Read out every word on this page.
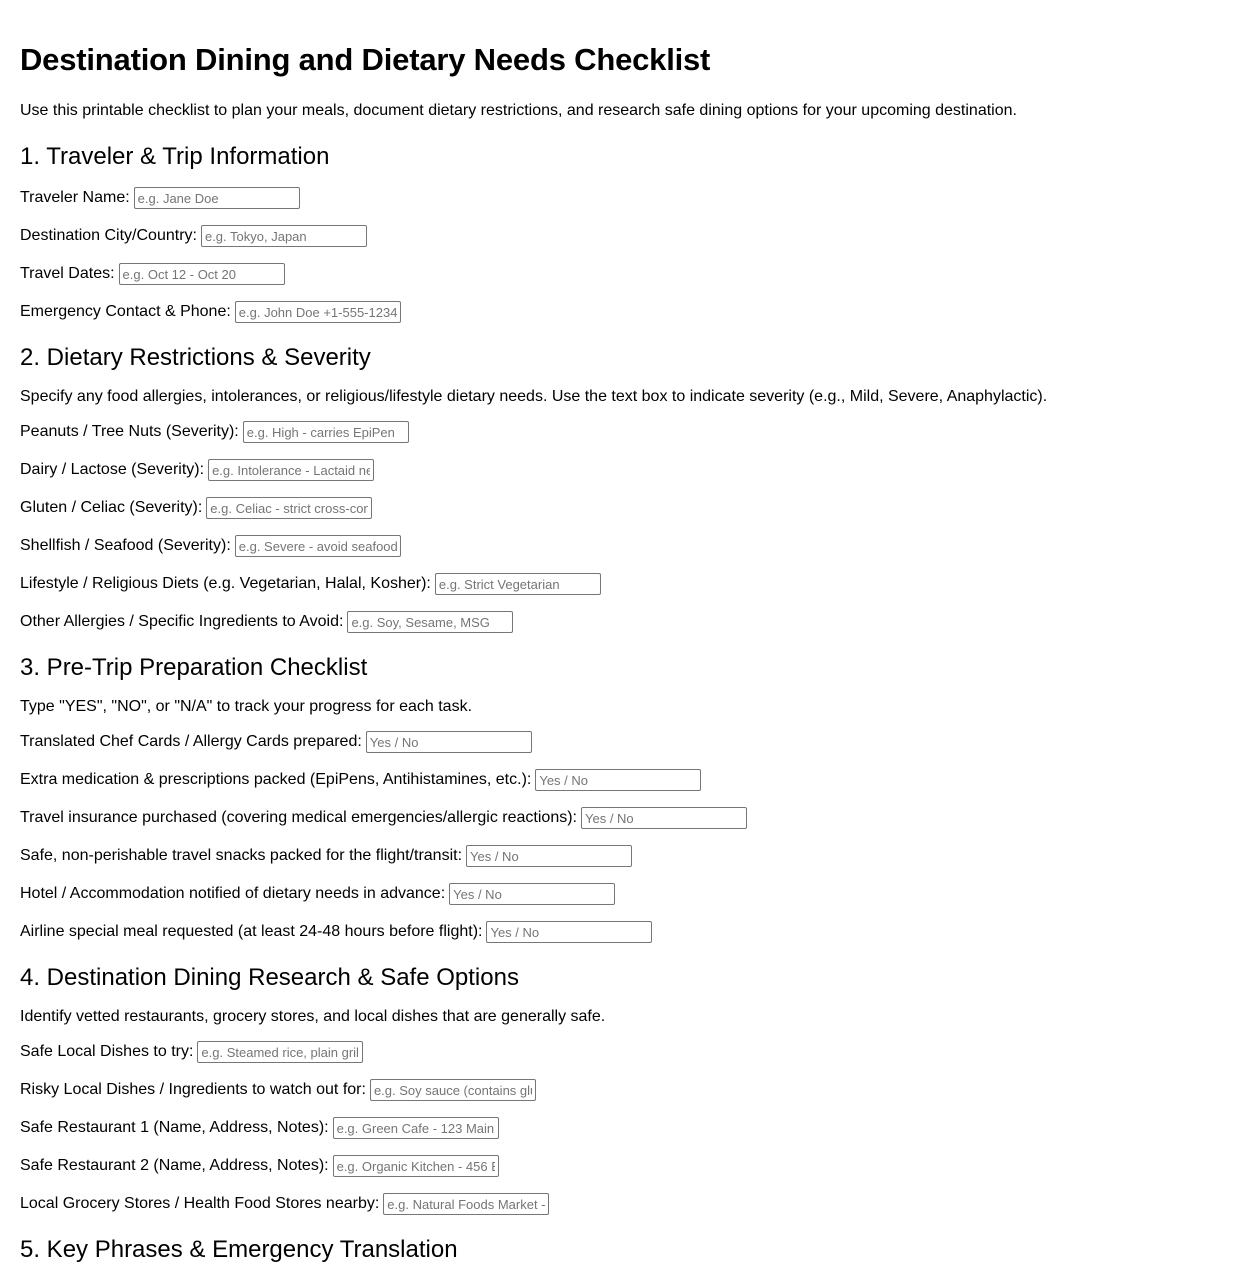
Destination Dining and Dietary Needs Checklist

Use this printable checklist to plan your meals, document dietary restrictions, and research safe dining options for your upcoming destination.

1. Traveler & Trip Information
Traveler Name:
e.g. Jane Doe
Destination City/Country:
e.g. Tokyo, Japan
Travel Dates:
e.g. Oct 12 - Oct 20
Emergency Contact & Phone:
e.g. John Doe +1-555-1234
2. Dietary Restrictions & Severity

Specify any food allergies, intolerances, or religious/lifestyle dietary needs. Use the text box to indicate severity (e.g., Mild, Severe, Anaphylactic).

Peanuts / Tree Nuts (Severity):
e.g. High - carries EpiPen
Dairy / Lactose (Severity):
e.g. Intolerance - Lactaid needed
Gluten / Celiac (Severity):
e.g. Celiac - strict cross-contact
Shellfish / Seafood (Severity):
e.g. Severe - avoid seafood
Lifestyle / Religious Diets (e.g. Vegetarian, Halal, Kosher):
e.g. Strict Vegetarian
Other Allergies / Specific Ingredients to Avoid:
e.g. Soy, Sesame, MSG
3. Pre-Trip Preparation Checklist

Type "YES", "NO", or "N/A" to track your progress for each task.

Translated Chef Cards / Allergy Cards prepared:
Yes / No
Extra medication & prescriptions packed (EpiPens, Antihistamines, etc.):
Yes / No
Travel insurance purchased (covering medical emergencies/allergic reactions):
Yes / No
Safe, non-perishable travel snacks packed for the flight/transit:
Yes / No
Hotel / Accommodation notified of dietary needs in advance:
Yes / No
Airline special meal requested (at least 24-48 hours before flight):
Yes / No
4. Destination Dining Research & Safe Options

Identify vetted restaurants, grocery stores, and local dishes that are generally safe.

Safe Local Dishes to try:
e.g. Steamed rice, plain grilled fish
Risky Local Dishes / Ingredients to watch out for:
e.g. Soy sauce (contains gluten)
Safe Restaurant 1 (Name, Address, Notes):
e.g. Green Cafe - 123 Main St
Safe Restaurant 2 (Name, Address, Notes):
e.g. Organic Kitchen - 456 Elm St
Local Grocery Stores / Health Food Stores nearby:
e.g. Natural Foods Market - 789 Oak St
5. Key Phrases & Emergency Translation
